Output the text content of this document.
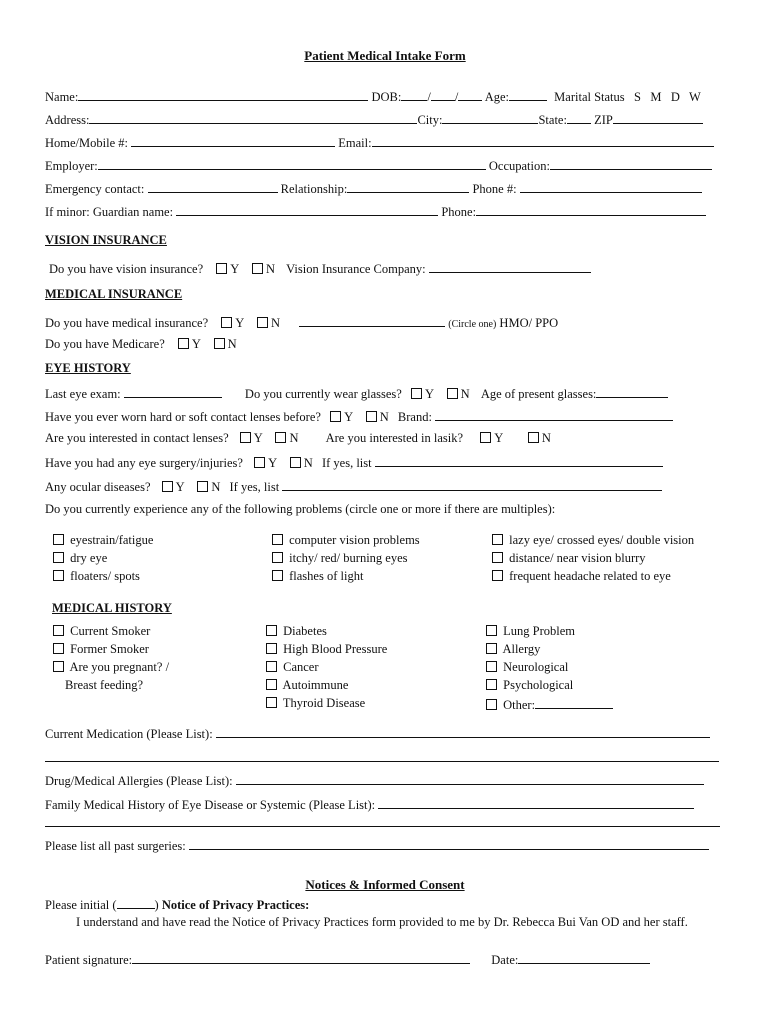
Patient Medical Intake Form
Name:	DOB: / / Age:	Marital Status   S   M   D   W
Address:	City:	State: ZIP
Home/Mobile #:	Email:
Employer:	Occupation:
Emergency contact:	Relationship:	Phone #:
If minor: Guardian name:	Phone:
VISION INSURANCE
Do you have vision insurance? Y N Vision Insurance Company:
MEDICAL INSURANCE
Do you have medical insurance? Y N	(Circle one) HMO/ PPO
Do you have Medicare? Y N
EYE HISTORY
Last eye exam:	Do you currently wear glasses? Y N Age of present glasses:
Have you ever worn hard or soft contact lenses before? Y N Brand:
Are you interested in contact lenses? Y N Are you interested in lasik? Y	N
Have you had any eye surgery/injuries? Y N If yes, list
Any ocular diseases? Y N If yes, list
Do you currently experience any of the following problems (circle one or more if there are multiples):
eyestrain/fatigue
dry eye
floaters/ spots
computer vision problems
itchy/ red/ burning eyes
flashes of light
lazy eye/ crossed eyes/ double vision
distance/ near vision blurry
frequent headache related to eye
MEDICAL HISTORY
Current Smoker
Former Smoker
Are you pregnant? /
Breast feeding?
Diabetes
High Blood Pressure
Cancer
Autoimmune
Thyroid Disease
Lung Problem
Allergy
Neurological
Psychological
Other:
Current Medication (Please List):
Drug/Medical Allergies (Please List):
Family Medical History of Eye Disease or Systemic (Please List):
Please list all past surgeries:
Notices & Informed Consent
Please initial (	) Notice of Privacy Practices:
I understand and have read the Notice of Privacy Practices form provided to me by Dr. Rebecca Bui Van OD and her staff.
Patient signature:	Date:
